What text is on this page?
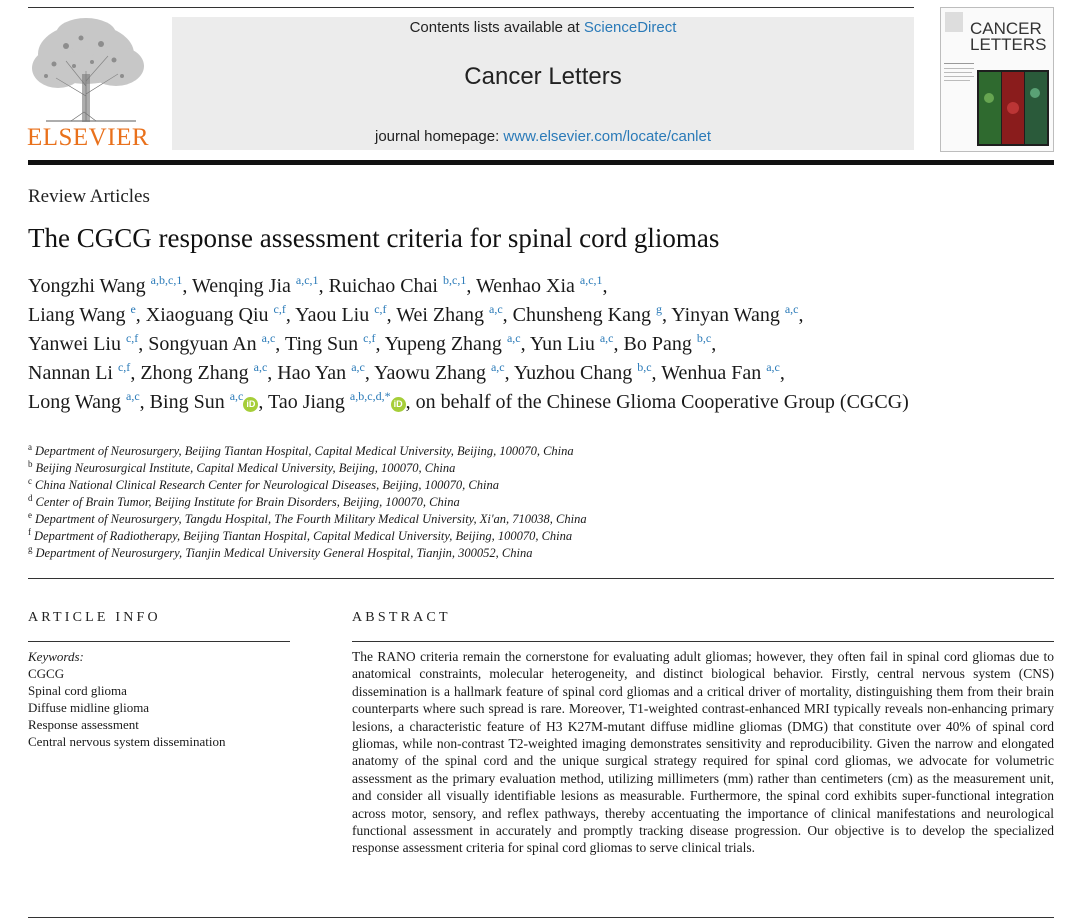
ELSEVIER
Contents lists available at ScienceDirect
Cancer Letters
journal homepage: www.elsevier.com/locate/canlet
CANCER
LETTERS
Review Articles
The CGCG response assessment criteria for spinal cord gliomas
Yongzhi Wang $^{a,b,c,1}$, Wenqing Jia $^{a,c,1}$, Ruichao Chai $^{b,c,1}$, Wenhao Xia $^{a,c,1}$,
Liang Wang $^e$, Xiaoguang Qiu $^{c,f}$, Yaou Liu $^{c,f}$, Wei Zhang $^{a,c}$, Chunsheng Kang $^g$, Yinyan Wang $^{a,c}$,
Yanwei Liu $^{c,f}$, Songyuan An $^{a,c}$, Ting Sun $^{c,f}$, Yupeng Zhang $^{a,c}$, Yun Liu $^{a,c}$, Bo Pang $^{b,c}$,
Nannan Li $^{c,f}$, Zhong Zhang $^{a,c}$, Hao Yan $^{a,c}$, Yaowu Zhang $^{a,c}$, Yuzhou Chang $^{b,c}$, Wenhua Fan $^{a,c}$,
Long Wang $^{a,c}$, Bing Sun $^{a,c}$iD , Tao Jiang $^{a,b,c,d,*}$iD , on behalf of the Chinese Glioma Cooperative Group (CGCG)
$^a$ Department of Neurosurgery, Beijing Tiantan Hospital, Capital Medical University, Beijing, 100070, China
$^b$ Beijing Neurosurgical Institute, Capital Medical University, Beijing, 100070, China
$^c$ China National Clinical Research Center for Neurological Diseases, Beijing, 100070, China
$^d$ Center of Brain Tumor, Beijing Institute for Brain Disorders, Beijing, 100070, China
$^e$ Department of Neurosurgery, Tangdu Hospital, The Fourth Military Medical University, Xi'an, 710038, China
$^f$ Department of Radiotherapy, Beijing Tiantan Hospital, Capital Medical University, Beijing, 100070, China
$^g$ Department of Neurosurgery, Tianjin Medical University General Hospital, Tianjin, 300052, China
ARTICLE INFO	ABSTRACT
Keywords:
CGCG
Spinal cord glioma
Diffuse midline glioma
Response assessment
Central nervous system dissemination
The RANO criteria remain the cornerstone for evaluating adult gliomas; however, they often fail in spinal cord gliomas due to anatomical constraints, molecular heterogeneity, and distinct biological behavior. Firstly, central nervous system (CNS) dissemination is a hallmark feature of spinal cord gliomas and a critical driver of mortality, distinguishing them from their brain counterparts where such spread is rare. Moreover, T1-weighted contrast-enhanced MRI typically reveals non-enhancing primary lesions, a characteristic feature of H3 K27M-mutant diffuse midline gliomas (DMG) that constitute over 40% of spinal cord gliomas, while non-contrast T2-weighted imaging demonstrates sensitivity and reproducibility. Given the narrow and elongated anatomy of the spinal cord and the unique surgical strategy required for spinal cord gliomas, we advocate for volumetric assessment as the primary evaluation method, utilizing millimeters (mm) rather than centimeters (cm) as the measurement unit, and consider all visually identifiable lesions as measurable. Furthermore, the spinal cord exhibits super-functional integration across motor, sensory, and reflex pathways, thereby accentuating the importance of clinical manifestations and neurological functional assessment in accurately and promptly tracking disease progression. Our objective is to develop the specialized response assessment criteria for spinal cord gliomas to serve clinical trials.
